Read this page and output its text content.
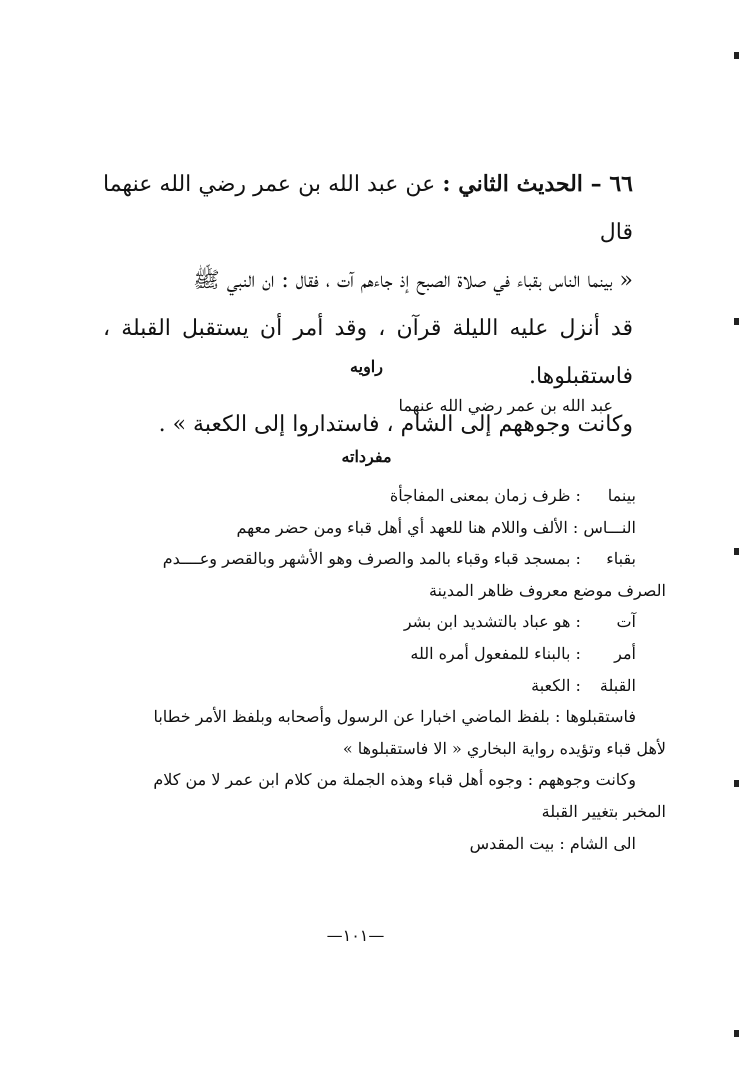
٦٦ – الحديث الثاني : عن عبد الله بن عمر رضي الله عنهما قال

« بينما الناس بقباء في صلاة الصبح إذ جاءهم آت ، فقال : ان النبي ﷺ

قد أنزل عليه الليلة قرآن ، وقد أمر أن يستقبل القبلة ، فاستقبلوها.

وكانت وجوههم إلى الشام ، فاستداروا إلى الكعبة » .

راويه
عبد الله بن عمر رضي الله عنهما
مفرداته
بينما : ظرف زمان بمعنى المفاجأة
النـــاس : الألف واللام هنا للعهد أي أهل قباء ومن حضر معهم
بقباء : بمسجد قباء وقباء بالمد والصرف وهو الأشهر وبالقصر وعــــدم
الصرف موضع معروف ظاهر المدينة
آت : هو عباد بالتشديد ابن بشر
أمر : بالبناء للمفعول أمره الله
القبلة : الكعبة
فاستقبلوها : بلفظ الماضي اخبارا عن الرسول وأصحابه وبلفظ الأمر خطابا
لأهل قباء وتؤيده رواية البخاري « الا فاستقبلوها »
وكانت وجوههم : وجوه أهل قباء وهذه الجملة من كلام ابن عمر لا من كلام
المخبر بتغيير القبلة
الى الشام : بيت المقدس
—١٠١—
